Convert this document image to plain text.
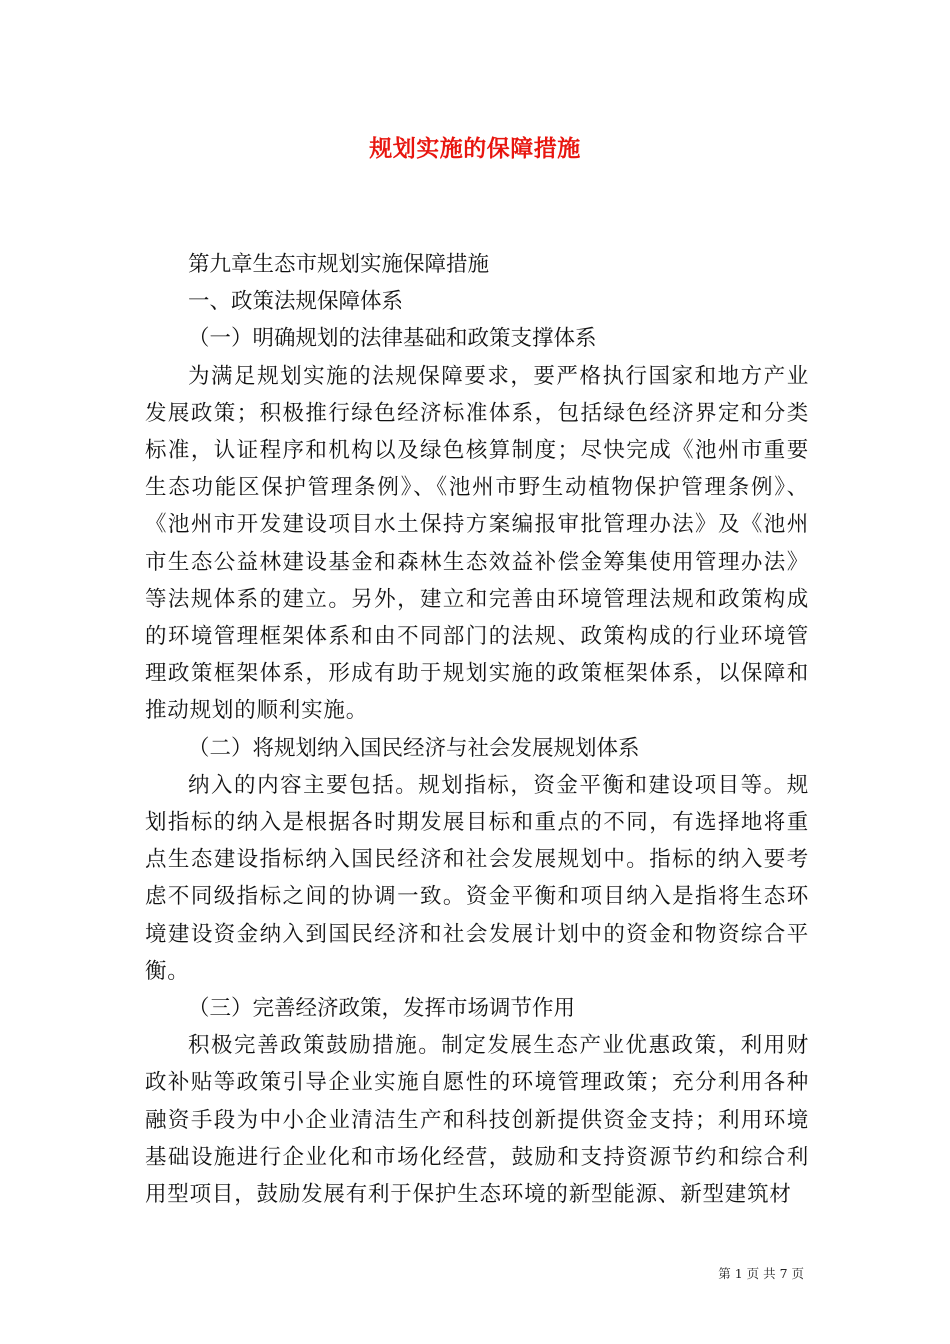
规划实施的保障措施

第九章生态市规划实施保障措施

一、政策法规保障体系

（一）明确规划的法律基础和政策支撑体系

为满足规划实施的法规保障要求，要严格执行国家和地方产业发展政策；积极推行绿色经济标准体系，包括绿色经济界定和分类标准，认证程序和机构以及绿色核算制度；尽快完成《池州市重要生态功能区保护管理条例》、《池州市野生动植物保护管理条例》、《池州市开发建设项目水土保持方案编报审批管理办法》及《池州市生态公益林建设基金和森林生态效益补偿金筹集使用管理办法》等法规体系的建立。另外，建立和完善由环境管理法规和政策构成的环境管理框架体系和由不同部门的法规、政策构成的行业环境管理政策框架体系，形成有助于规划实施的政策框架体系，以保障和推动规划的顺利实施。

（二）将规划纳入国民经济与社会发展规划体系

纳入的内容主要包括。规划指标，资金平衡和建设项目等。规划指标的纳入是根据各时期发展目标和重点的不同，有选择地将重点生态建设指标纳入国民经济和社会发展规划中。指标的纳入要考虑不同级指标之间的协调一致。资金平衡和项目纳入是指将生态环境建设资金纳入到国民经济和社会发展计划中的资金和物资综合平衡。

（三）完善经济政策，发挥市场调节作用

积极完善政策鼓励措施。制定发展生态产业优惠政策，利用财政补贴等政策引导企业实施自愿性的环境管理政策；充分利用各种融资手段为中小企业清洁生产和科技创新提供资金支持；利用环境基础设施进行企业化和市场化经营，鼓励和支持资源节约和综合利用型项目，鼓励发展有利于保护生态环境的新型能源、新型建筑材

第 1 页 共 7 页
